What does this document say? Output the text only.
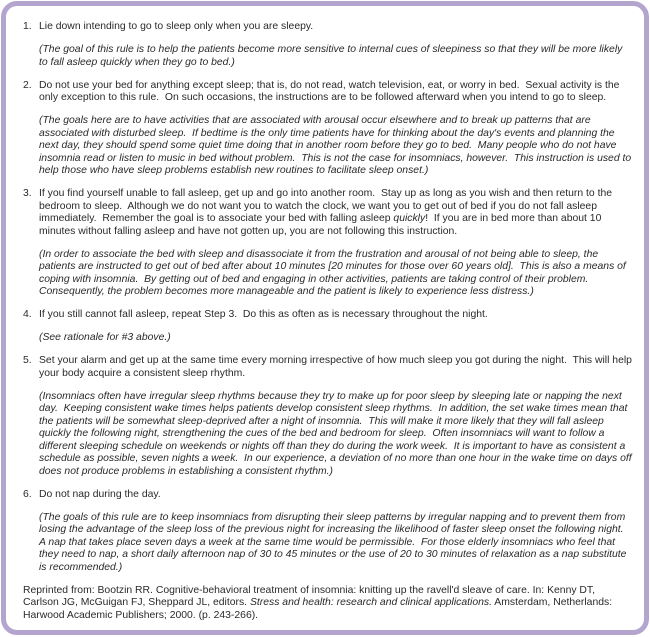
1. Lie down intending to go to sleep only when you are sleepy.

(The goal of this rule is to help the patients become more sensitive to internal cues of sleepiness so that they will be more likely to fall asleep quickly when they go to bed.)

2. Do not use your bed for anything except sleep; that is, do not read, watch television, eat, or worry in bed.  Sexual activity is the only exception to this rule.  On such occasions, the instructions are to be followed afterward when you intend to go to sleep.

(The goals here are to have activities that are associated with arousal occur elsewhere and to break up patterns that are associated with disturbed sleep.  If bedtime is the only time patients have for thinking about the day's events and planning the next day, they should spend some quiet time doing that in another room before they go to bed.  Many people who do not have insomnia read or listen to music in bed without problem.  This is not the case for insomniacs, however.  This instruction is used to help those who have sleep problems establish new routines to facilitate sleep onset.)

3. If you find yourself unable to fall asleep, get up and go into another room.  Stay up as long as you wish and then return to the bedroom to sleep.  Although we do not want you to watch the clock, we want you to get out of bed if you do not fall asleep immediately.  Remember the goal is to associate your bed with falling asleep quickly!  If you are in bed more than about 10 minutes without falling asleep and have not gotten up, you are not following this instruction.

(In order to associate the bed with sleep and disassociate it from the frustration and arousal of not being able to sleep, the patients are instructed to get out of bed after about 10 minutes [20 minutes for those over 60 years old].  This is also a means of coping with insomnia.  By getting out of bed and engaging in other activities, patients are taking control of their problem.  Consequently, the problem becomes more manageable and the patient is likely to experience less distress.)

4. If you still cannot fall asleep, repeat Step 3.  Do this as often as is necessary throughout the night.

(See rationale for #3 above.)

5. Set your alarm and get up at the same time every morning irrespective of how much sleep you got during the night.  This will help your body acquire a consistent sleep rhythm.

(Insomniacs often have irregular sleep rhythms because they try to make up for poor sleep by sleeping late or napping the next day.  Keeping consistent wake times helps patients develop consistent sleep rhythms.  In addition, the set wake times mean that the patients will be somewhat sleep-deprived after a night of insomnia.  This will make it more likely that they will fall asleep quickly the following night, strengthening the cues of the bed and bedroom for sleep.  Often insomniacs will want to follow a different sleeping schedule on weekends or nights off than they do during the work week.  It is important to have as consistent a schedule as possible, seven nights a week.  In our experience, a deviation of no more than one hour in the wake time on days off does not produce problems in establishing a consistent rhythm.)

6. Do not nap during the day.

(The goals of this rule are to keep insomniacs from disrupting their sleep patterns by irregular napping and to prevent them from losing the advantage of the sleep loss of the previous night for increasing the likelihood of faster sleep onset the following night.  A nap that takes place seven days a week at the same time would be permissible.  For those elderly insomniacs who feel that they need to nap, a short daily afternoon nap of 30 to 45 minutes or the use of 20 to 30 minutes of relaxation as a nap substitute is recommended.)

Reprinted from: Bootzin RR. Cognitive-behavioral treatment of insomnia: knitting up the ravell'd sleave of care. In: Kenny DT, Carlson JG, McGuigan FJ, Sheppard JL, editors. Stress and health: research and clinical applications. Amsterdam, Netherlands: Harwood Academic Publishers; 2000. (p. 243-266).
